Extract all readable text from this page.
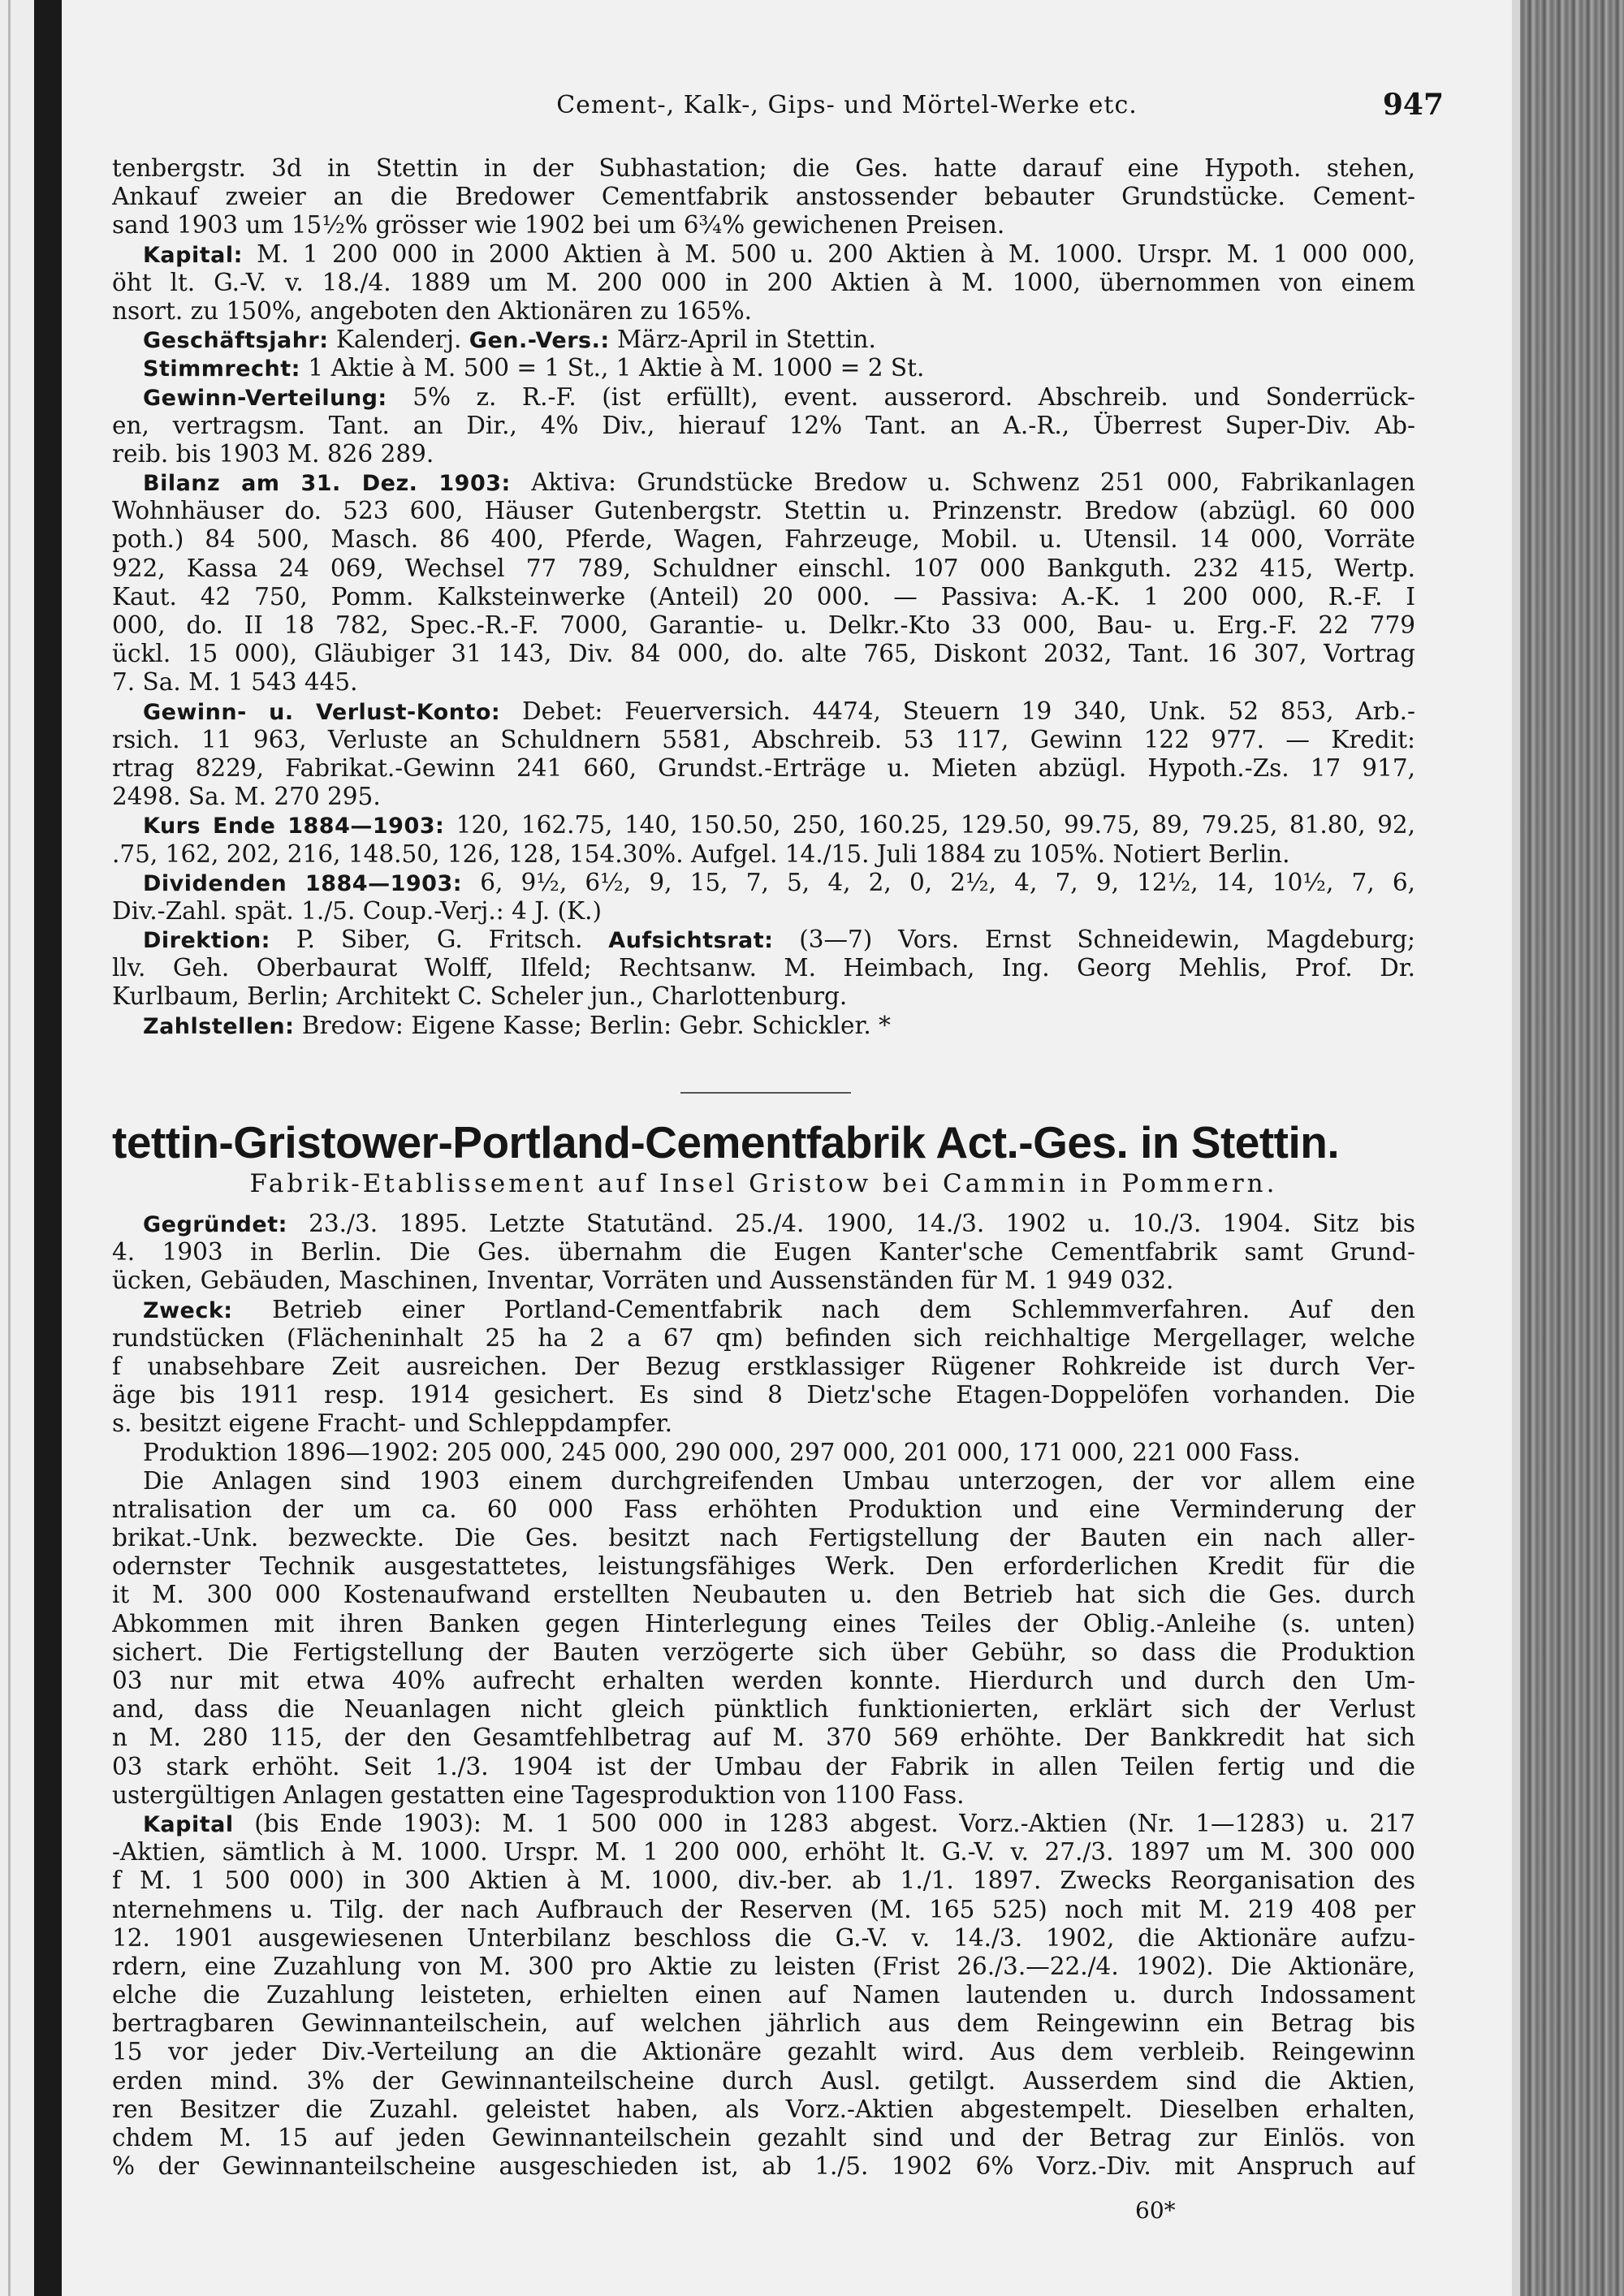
Cement-, Kalk-, Gips- und Mörtel-Werke etc.	947
tenbergstr. 3d in Stettin in der Subhastation; die Ges. hatte darauf eine Hypoth. stehen,
Ankauf zweier an die Bredower Cementfabrik anstossender bebauter Grundstücke. Cement-
sand 1903 um 15½% grösser wie 1902 bei um 6¾% gewichenen Preisen.
Kapital: M. 1 200 000 in 2000 Aktien à M. 500 u. 200 Aktien à M. 1000. Urspr. M. 1 000 000,
öht lt. G.-V. v. 18./4. 1889 um M. 200 000 in 200 Aktien à M. 1000, übernommen von einem
nsort. zu 150%, angeboten den Aktionären zu 165%.
Geschäftsjahr: Kalenderj. Gen.-Vers.: März-April in Stettin.
Stimmrecht: 1 Aktie à M. 500 = 1 St., 1 Aktie à M. 1000 = 2 St.
Gewinn-Verteilung: 5% z. R.-F. (ist erfüllt), event. ausserord. Abschreib. und Sonderrück-
en, vertragsm. Tant. an Dir., 4% Div., hierauf 12% Tant. an A.-R., Überrest Super-Div. Ab-
reib. bis 1903 M. 826 289.
Bilanz am 31. Dez. 1903: Aktiva: Grundstücke Bredow u. Schwenz 251 000, Fabrikanlagen
Wohnhäuser do. 523 600, Häuser Gutenbergstr. Stettin u. Prinzenstr. Bredow (abzügl. 60 000
poth.) 84 500, Masch. 86 400, Pferde, Wagen, Fahrzeuge, Mobil. u. Utensil. 14 000, Vorräte
922, Kassa 24 069, Wechsel 77 789, Schuldner einschl. 107 000 Bankguth. 232 415, Wertp.
Kaut. 42 750, Pomm. Kalksteinwerke (Anteil) 20 000. — Passiva: A.-K. 1 200 000, R.-F. I
000, do. II 18 782, Spec.-R.-F. 7000, Garantie- u. Delkr.-Kto 33 000, Bau- u. Erg.-F. 22 779
ückl. 15 000), Gläubiger 31 143, Div. 84 000, do. alte 765, Diskont 2032, Tant. 16 307, Vortrag
7. Sa. M. 1 543 445.
Gewinn- u. Verlust-Konto: Debet: Feuerversich. 4474, Steuern 19 340, Unk. 52 853, Arb.-
rsich. 11 963, Verluste an Schuldnern 5581, Abschreib. 53 117, Gewinn 122 977. — Kredit:
rtrag 8229, Fabrikat.-Gewinn 241 660, Grundst.-Erträge u. Mieten abzügl. Hypoth.-Zs. 17 917,
2498. Sa. M. 270 295.
Kurs Ende 1884—1903: 120, 162.75, 140, 150.50, 250, 160.25, 129.50, 99.75, 89, 79.25, 81.80, 92,
.75, 162, 202, 216, 148.50, 126, 128, 154.30%. Aufgel. 14./15. Juli 1884 zu 105%. Notiert Berlin.
Dividenden 1884—1903: 6, 9½, 6½, 9, 15, 7, 5, 4, 2, 0, 2½, 4, 7, 9, 12½, 14, 10½, 7, 6,
Div.-Zahl. spät. 1./5. Coup.-Verj.: 4 J. (K.)
Direktion: P. Siber, G. Fritsch. Aufsichtsrat: (3—7) Vors. Ernst Schneidewin, Magdeburg;
llv. Geh. Oberbaurat Wolff, Ilfeld; Rechtsanw. M. Heimbach, Ing. Georg Mehlis, Prof. Dr.
Kurlbaum, Berlin; Architekt C. Scheler jun., Charlottenburg.
Zahlstellen: Bredow: Eigene Kasse; Berlin: Gebr. Schickler. *
tettin-Gristower-Portland-Cementfabrik Act.-Ges. in Stettin.
Fabrik-Etablissement auf Insel Gristow bei Cammin in Pommern.
Gegründet: 23./3. 1895. Letzte Statutänd. 25./4. 1900, 14./3. 1902 u. 10./3. 1904. Sitz bis
4. 1903 in Berlin. Die Ges. übernahm die Eugen Kanter'sche Cementfabrik samt Grund-
ücken, Gebäuden, Maschinen, Inventar, Vorräten und Aussenständen für M. 1 949 032.
Zweck: Betrieb einer Portland-Cementfabrik nach dem Schlemmverfahren. Auf den
rundstücken (Flächeninhalt 25 ha 2 a 67 qm) befinden sich reichhaltige Mergellager, welche
f unabsehbare Zeit ausreichen. Der Bezug erstklassiger Rügener Rohkreide ist durch Ver-
äge bis 1911 resp. 1914 gesichert. Es sind 8 Dietz'sche Etagen-Doppelöfen vorhanden. Die
s. besitzt eigene Fracht- und Schleppdampfer.
Produktion 1896—1902: 205 000, 245 000, 290 000, 297 000, 201 000, 171 000, 221 000 Fass.
Die Anlagen sind 1903 einem durchgreifenden Umbau unterzogen, der vor allem eine
ntralisation der um ca. 60 000 Fass erhöhten Produktion und eine Verminderung der
brikat.-Unk. bezweckte. Die Ges. besitzt nach Fertigstellung der Bauten ein nach aller-
odernster Technik ausgestattetes, leistungsfähiges Werk. Den erforderlichen Kredit für die
it M. 300 000 Kostenaufwand erstellten Neubauten u. den Betrieb hat sich die Ges. durch
Abkommen mit ihren Banken gegen Hinterlegung eines Teiles der Oblig.-Anleihe (s. unten)
sichert. Die Fertigstellung der Bauten verzögerte sich über Gebühr, so dass die Produktion
03 nur mit etwa 40% aufrecht erhalten werden konnte. Hierdurch und durch den Um-
and, dass die Neuanlagen nicht gleich pünktlich funktionierten, erklärt sich der Verlust
n M. 280 115, der den Gesamtfehlbetrag auf M. 370 569 erhöhte. Der Bankkredit hat sich
03 stark erhöht. Seit 1./3. 1904 ist der Umbau der Fabrik in allen Teilen fertig und die
ustergültigen Anlagen gestatten eine Tagesproduktion von 1100 Fass.
Kapital (bis Ende 1903): M. 1 500 000 in 1283 abgest. Vorz.-Aktien (Nr. 1—1283) u. 217
-Aktien, sämtlich à M. 1000. Urspr. M. 1 200 000, erhöht lt. G.-V. v. 27./3. 1897 um M. 300 000
f M. 1 500 000) in 300 Aktien à M. 1000, div.-ber. ab 1./1. 1897. Zwecks Reorganisation des
nternehmens u. Tilg. der nach Aufbrauch der Reserven (M. 165 525) noch mit M. 219 408 per
12. 1901 ausgewiesenen Unterbilanz beschloss die G.-V. v. 14./3. 1902, die Aktionäre aufzu-
rdern, eine Zuzahlung von M. 300 pro Aktie zu leisten (Frist 26./3.—22./4. 1902). Die Aktionäre,
elche die Zuzahlung leisteten, erhielten einen auf Namen lautenden u. durch Indossament
bertragbaren Gewinnanteilschein, auf welchen jährlich aus dem Reingewinn ein Betrag bis
15 vor jeder Div.-Verteilung an die Aktionäre gezahlt wird. Aus dem verbleib. Reingewinn
erden mind. 3% der Gewinnanteilscheine durch Ausl. getilgt. Ausserdem sind die Aktien,
ren Besitzer die Zuzahl. geleistet haben, als Vorz.-Aktien abgestempelt. Dieselben erhalten,
chdem M. 15 auf jeden Gewinnanteilschein gezahlt sind und der Betrag zur Einlös. von
% der Gewinnanteilscheine ausgeschieden ist, ab 1./5. 1902 6% Vorz.-Div. mit Anspruch auf
60*
